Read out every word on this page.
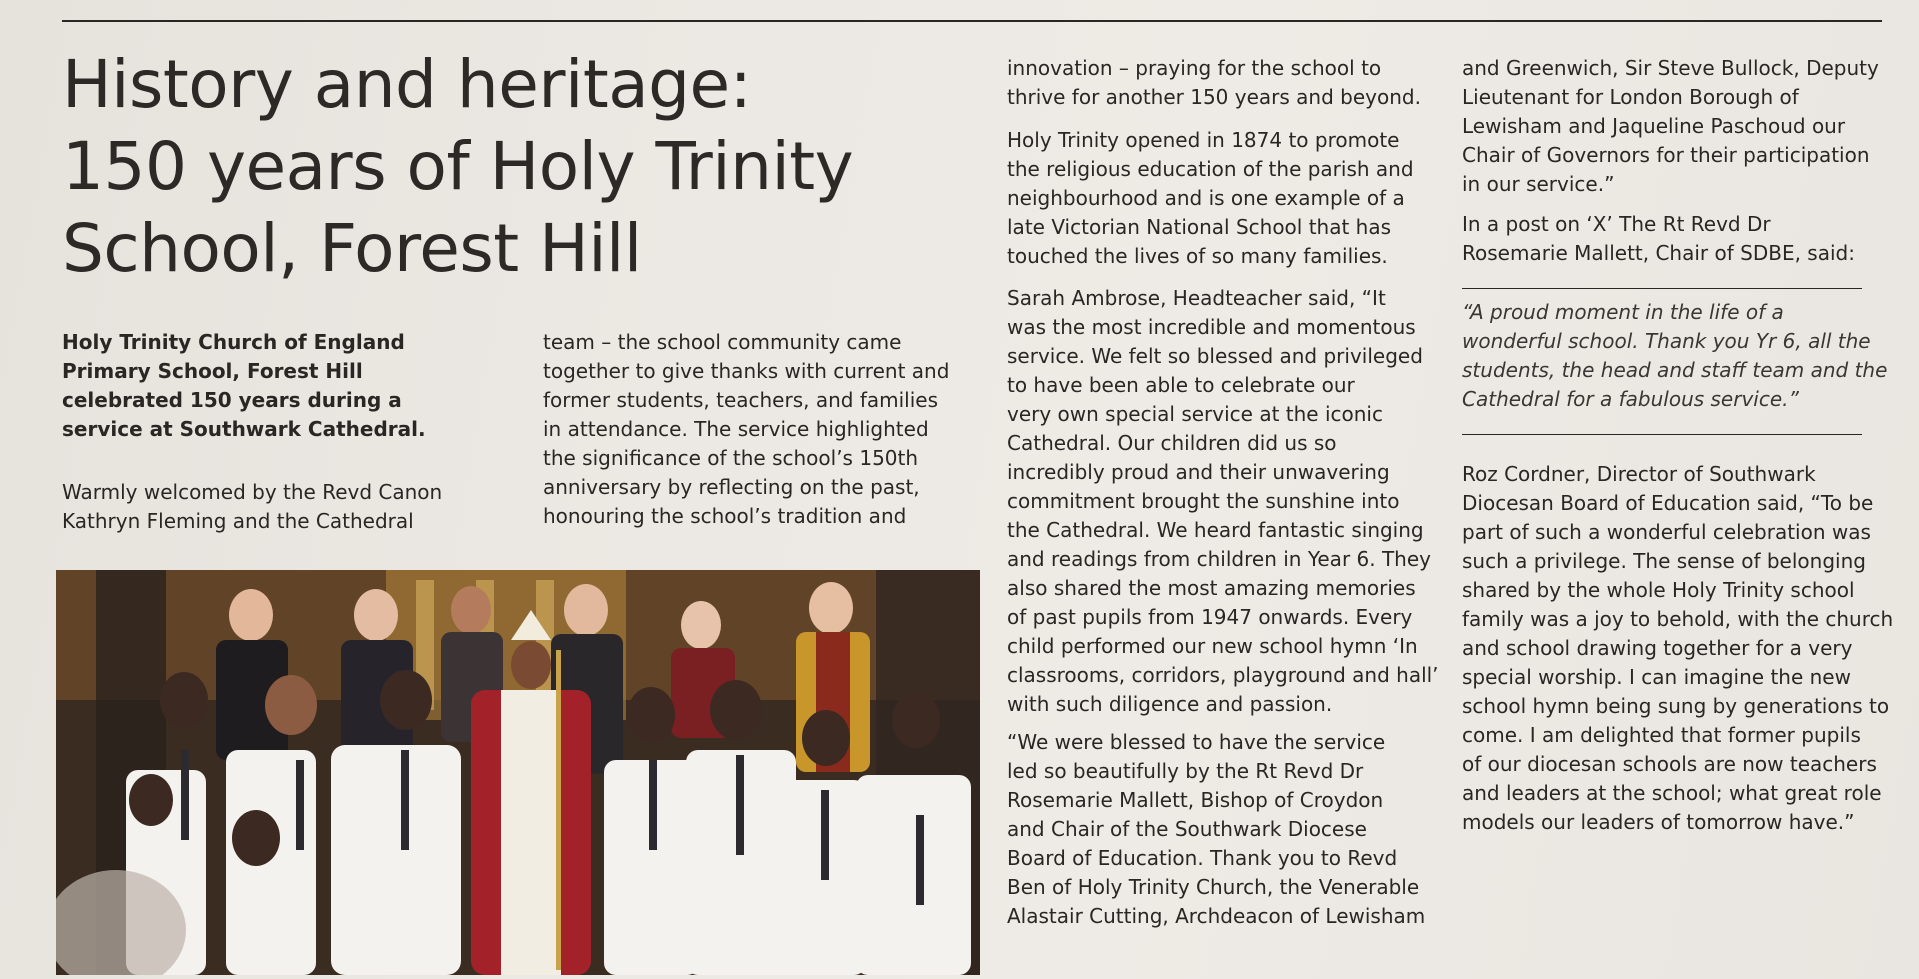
History and heritage:
150 years of Holy Trinity
School, Forest Hill
Holy Trinity Church of England
Primary School, Forest Hill
celebrated 150 years during a
service at Southwark Cathedral.
Warmly welcomed by the Revd Canon
Kathryn Fleming and the Cathedral
team – the school community came
together to give thanks with current and
former students, teachers, and families
in attendance. The service highlighted
the significance of the school’s 150th
anniversary by reflecting on the past,
honouring the school’s tradition and
innovation – praying for the school to
thrive for another 150 years and beyond.
Holy Trinity opened in 1874 to promote
the religious education of the parish and
neighbourhood and is one example of a
late Victorian National School that has
touched the lives of so many families.
Sarah Ambrose, Headteacher said, “It
was the most incredible and momentous
service. We felt so blessed and privileged
to have been able to celebrate our
very own special service at the iconic
Cathedral. Our children did us so
incredibly proud and their unwavering
commitment brought the sunshine into
the Cathedral. We heard fantastic singing
and readings from children in Year 6. They
also shared the most amazing memories
of past pupils from 1947 onwards. Every
child performed our new school hymn ‘In
classrooms, corridors, playground and hall’
with such diligence and passion.
“We were blessed to have the service
led so beautifully by the Rt Revd Dr
Rosemarie Mallett, Bishop of Croydon
and Chair of the Southwark Diocese
Board of Education. Thank you to Revd
Ben of Holy Trinity Church, the Venerable
Alastair Cutting, Archdeacon of Lewisham
and Greenwich, Sir Steve Bullock, Deputy
Lieutenant for London Borough of
Lewisham and Jaqueline Paschoud our
Chair of Governors for their participation
in our service.”
In a post on ‘X’ The Rt Revd Dr
Rosemarie Mallett, Chair of SDBE, said:
“A proud moment in the life of a
wonderful school. Thank you Yr 6, all the
students, the head and staff team and the
Cathedral for a fabulous service.”
Roz Cordner, Director of Southwark
Diocesan Board of Education said, “To be
part of such a wonderful celebration was
such a privilege. The sense of belonging
shared by the whole Holy Trinity school
family was a joy to behold, with the church
and school drawing together for a very
special worship. I can imagine the new
school hymn being sung by generations to
come. I am delighted that former pupils
of our diocesan schools are now teachers
and leaders at the school; what great role
models our leaders of tomorrow have.”
